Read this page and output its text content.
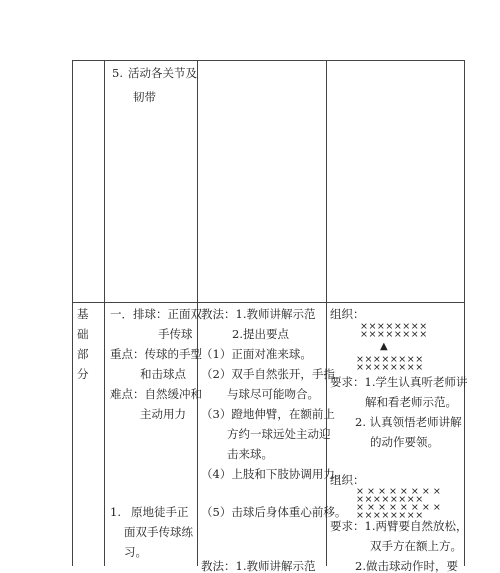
5. 活动各关节及
韧带
基
础
部
分
一．排球：正面双
手传球
重点：传球的手型
和击球点
难点：自然缓冲和
主动用力
1. 原地徒手正
面双手传球练
习。
教法：1.教师讲解示范
2.提出要点
（1）正面对准来球。
（2）双手自然张开，手指
与球尽可能吻合。
（3）蹬地伸臂，在额前上
方约一球远处主动迎
击来球。
（4）上肢和下肢协调用力。
（5）击球后身体重心前移。
教法：1.教师讲解示范
组织：
××××××××
××××××××
▲
××××××××
××××××××
要求：1.学生认真听老师讲
解和看老师示范。
2. 认真领悟老师讲解
的动作要领。
组织：
× × × × × × × ×
××××××××
× × × × × × × ×
××××××××
要求：1.两臂要自然放松，
双手方在额上方。
2.做击球动作时，要
